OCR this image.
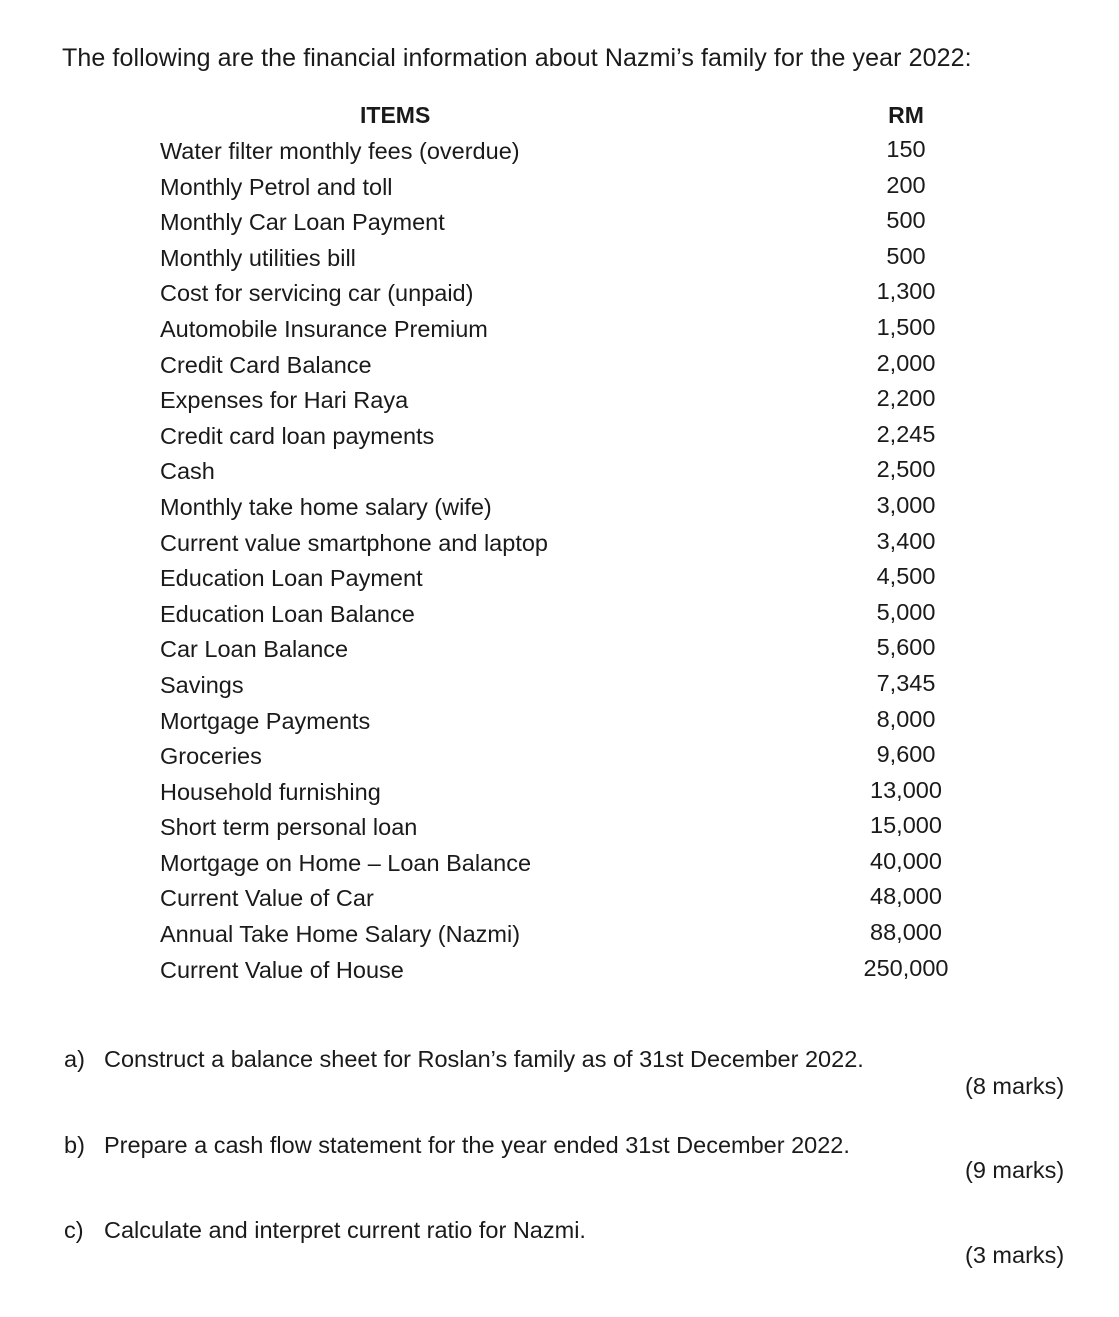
The following are the financial information about Nazmi’s family for the year 2022:
ITEMS	RM
Water filter monthly fees (overdue)	150
Monthly Petrol and toll	200
Monthly Car Loan Payment	500
Monthly utilities bill	500
Cost for servicing car (unpaid)	1,300
Automobile Insurance Premium	1,500
Credit Card Balance	2,000
Expenses for Hari Raya	2,200
Credit card loan payments	2,245
Cash	2,500
Monthly take home salary (wife)	3,000
Current value smartphone and laptop	3,400
Education Loan Payment	4,500
Education Loan Balance	5,000
Car Loan Balance	5,600
Savings	7,345
Mortgage Payments	8,000
Groceries	9,600
Household furnishing	13,000
Short term personal loan	15,000
Mortgage on Home – Loan Balance	40,000
Current Value of Car	48,000
Annual Take Home Salary (Nazmi)	88,000
Current Value of House	250,000
a) Construct a balance sheet for Roslan’s family as of 31st December 2022.
(8 marks)
b) Prepare a cash flow statement for the year ended 31st December 2022.
(9 marks)
c) Calculate and interpret current ratio for Nazmi.
(3 marks)
